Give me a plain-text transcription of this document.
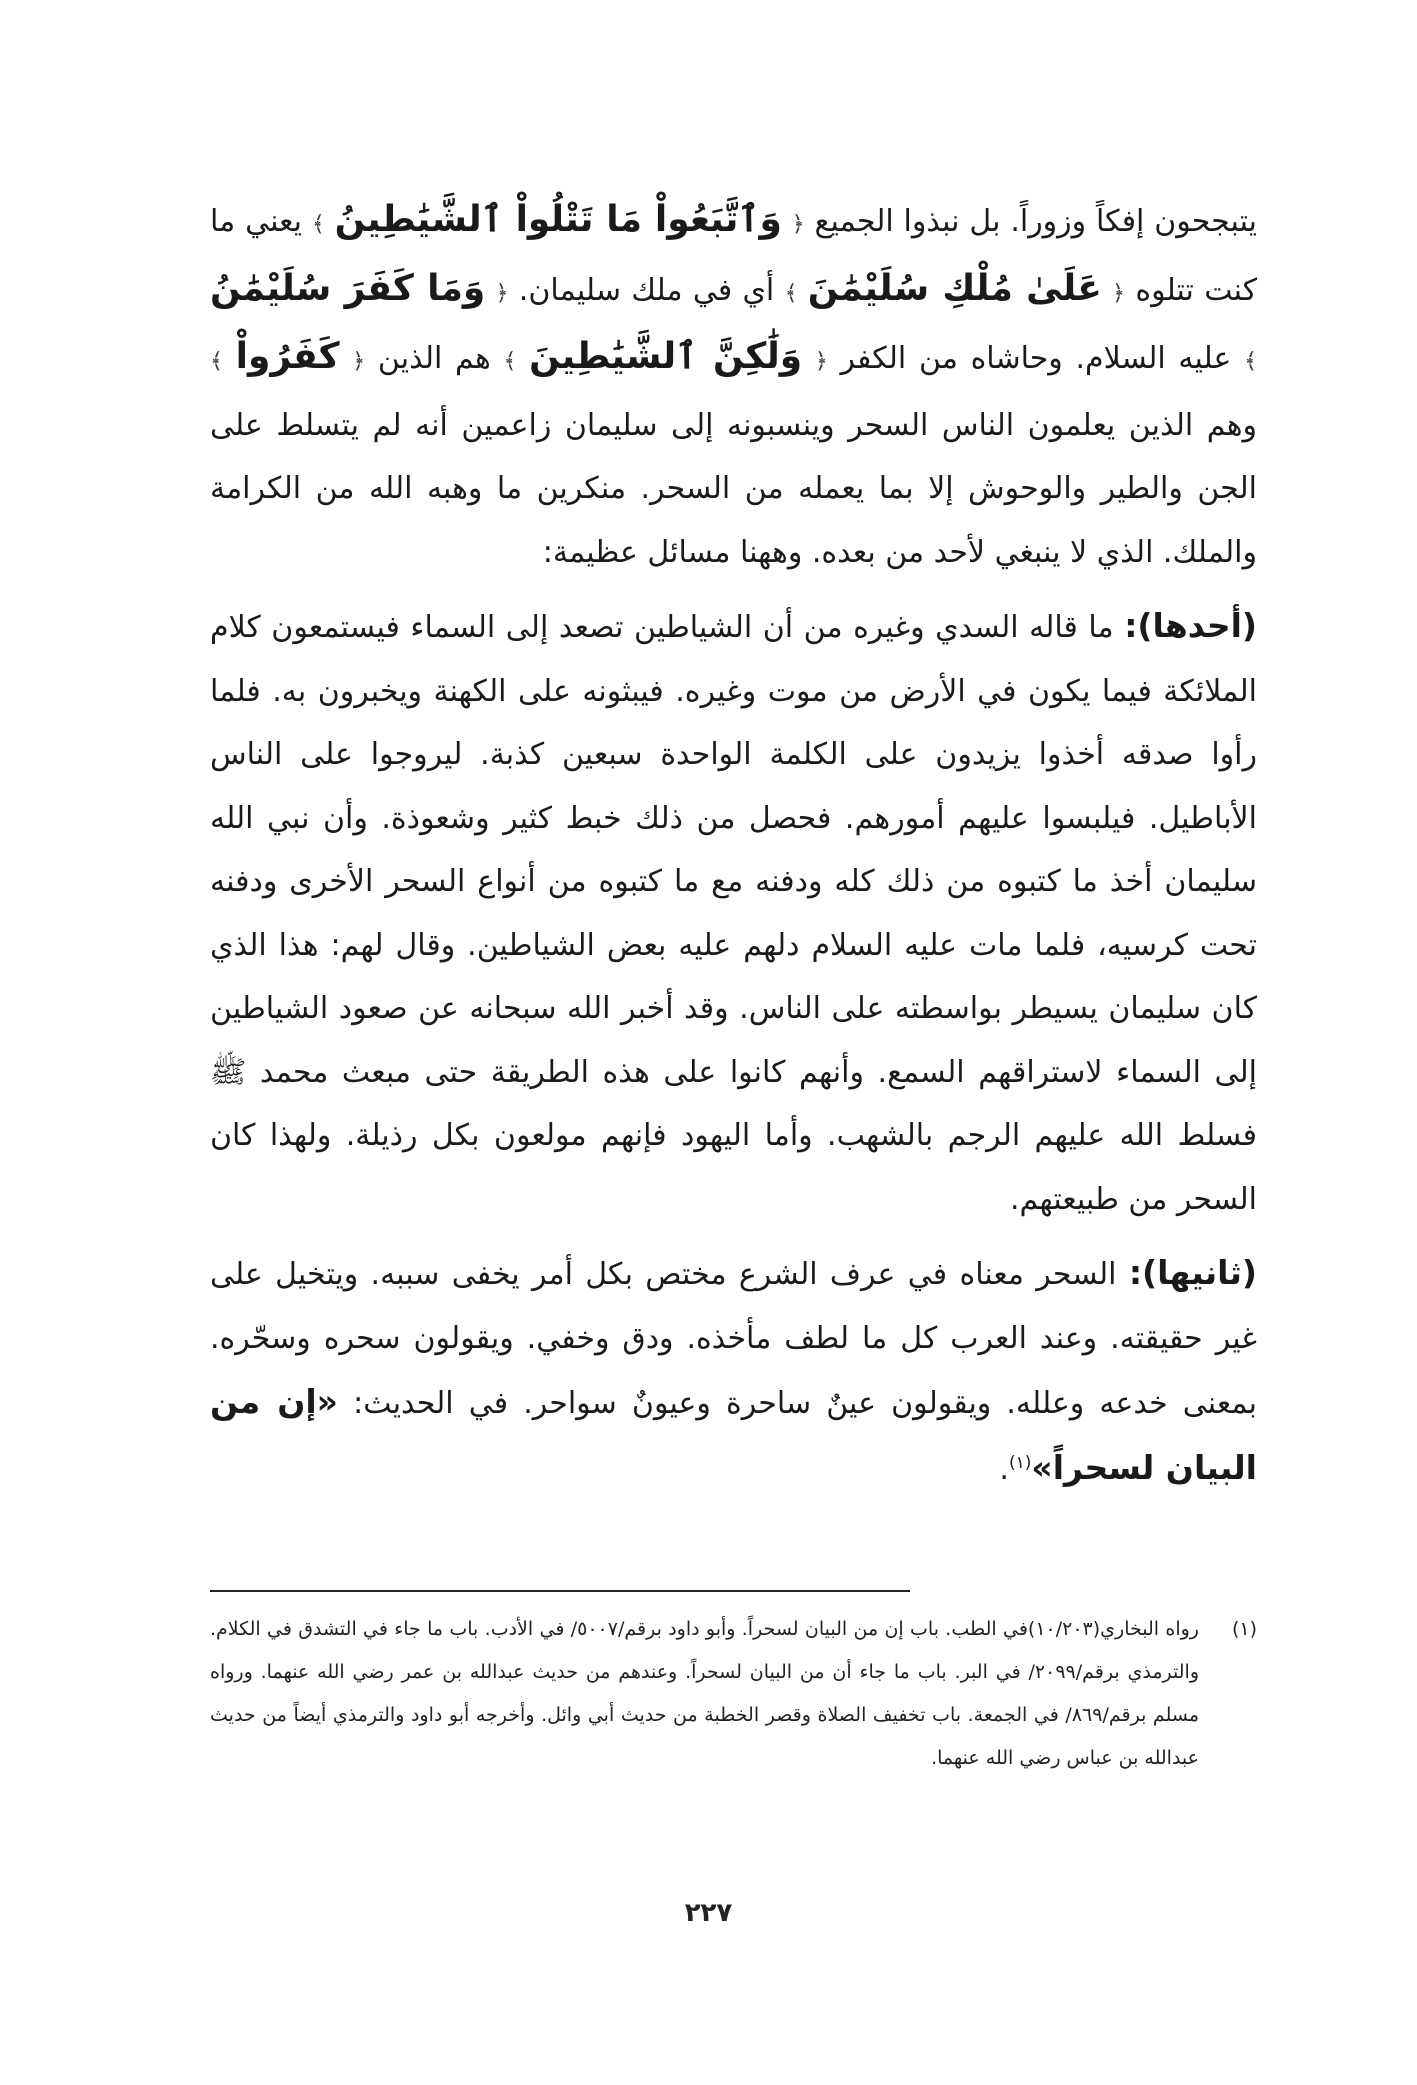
يتبجحون إفكاً وزوراً. بل نبذوا الجميع ﴿ وَٱتَّبَعُواْ مَا تَتْلُواْ ٱلشَّيَٰطِينُ ﴾ يعني ما كنت تتلوه ﴿ عَلَىٰ مُلْكِ سُلَيْمَٰنَ ﴾ أي في ملك سليمان. ﴿ وَمَا كَفَرَ سُلَيْمَٰنُ ﴾ عليه السلام. وحاشاه من الكفر ﴿ وَلَٰكِنَّ ٱلشَّيَٰطِينَ ﴾ هم الذين ﴿ كَفَرُواْ ﴾ وهم الذين يعلمون الناس السحر وينسبونه إلى سليمان زاعمين أنه لم يتسلط على الجن والطير والوحوش إلا بما يعمله من السحر. منكرين ما وهبه الله من الكرامة والملك. الذي لا ينبغي لأحد من بعده. وههنا مسائل عظيمة:

(أحدها): ما قاله السدي وغيره من أن الشياطين تصعد إلى السماء فيستمعون كلام الملائكة فيما يكون في الأرض من موت وغيره. فيبثونه على الكهنة ويخبرون به. فلما رأوا صدقه أخذوا يزيدون على الكلمة الواحدة سبعين كذبة. ليروجوا على الناس الأباطيل. فيلبسوا عليهم أمورهم. فحصل من ذلك خبط كثير وشعوذة. وأن نبي الله سليمان أخذ ما كتبوه من ذلك كله ودفنه مع ما كتبوه من أنواع السحر الأخرى ودفنه تحت كرسيه، فلما مات عليه السلام دلهم عليه بعض الشياطين. وقال لهم: هذا الذي كان سليمان يسيطر بواسطته على الناس. وقد أخبر الله سبحانه عن صعود الشياطين إلى السماء لاستراقهم السمع. وأنهم كانوا على هذه الطريقة حتى مبعث محمد ﷺ فسلط الله عليهم الرجم بالشهب. وأما اليهود فإنهم مولعون بكل رذيلة. ولهذا كان السحر من طبيعتهم.

(ثانيها): السحر معناه في عرف الشرع مختص بكل أمر يخفى سببه. ويتخيل على غير حقيقته. وعند العرب كل ما لطف مأخذه. ودق وخفي. ويقولون سحره وسحّره. بمعنى خدعه وعلله. ويقولون عينٌ ساحرة وعيونٌ سواحر. في الحديث: «إن من البيان لسحراً»$^{(١)}$.

(١)
رواه البخاري(١٠/٢٠٣)في الطب. باب إن من البيان لسحراً. وأبو داود برقم/٥٠٠٧/ في الأدب. باب ما جاء في التشدق في الكلام. والترمذي برقم/٢٠٩٩/ في البر. باب ما جاء أن من البيان لسحراً. وعندهم من حديث عبدالله بن عمر رضي الله عنهما. ورواه مسلم برقم/٨٦٩/ في الجمعة. باب تخفيف الصلاة وقصر الخطبة من حديث أبي وائل. وأخرجه أبو داود والترمذي أيضاً من حديث عبدالله بن عباس رضي الله عنهما.
٢٢٧
